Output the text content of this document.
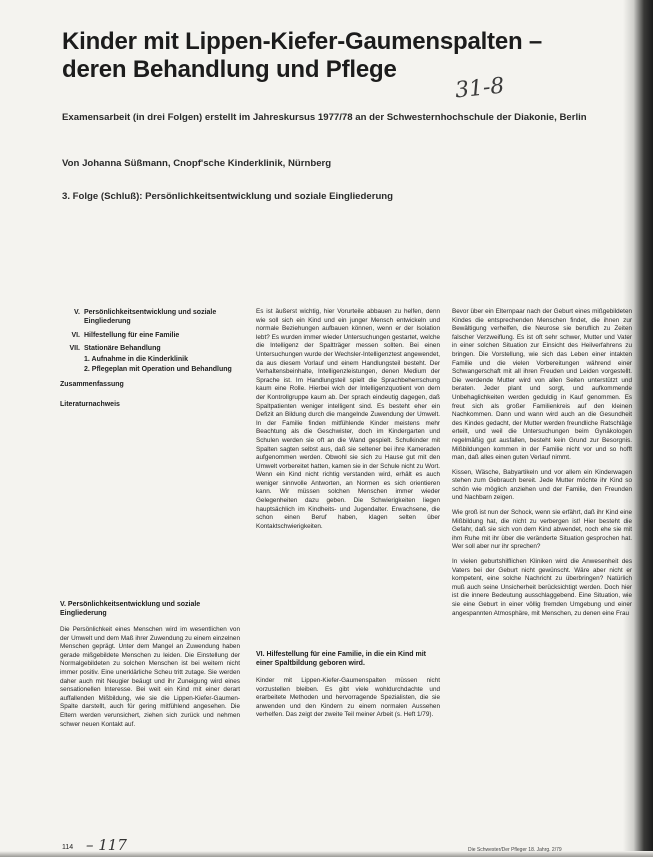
Kinder mit Lippen-Kiefer-Gaumenspalten –
deren Behandlung und Pflege
31-8
Examensarbeit (in drei Folgen) erstellt im Jahreskursus 1977/78 an der Schwesternhochschule der Diakonie, Berlin
Von Johanna Süßmann, Cnopf'sche Kinderklinik, Nürnberg
3. Folge (Schluß): Persönlichkeitsentwicklung und soziale Eingliederung
V. Persönlichkeitsentwicklung und soziale Eingliederung
VI. Hilfestellung für eine Familie
VII. Stationäre Behandlung
1. Aufnahme in die Kinderklinik
2. Pflegeplan mit Operation und Behandlung
Zusammenfassung
Literaturnachweis
V. Persönlichkeitsentwicklung und soziale Eingliederung

Die Persönlichkeit eines Menschen wird im wesentlichen von der Umwelt und dem Maß ihrer Zuwendung zu einem einzelnen Menschen geprägt. Unter dem Mangel an Zuwendung haben gerade mißgebildete Menschen zu leiden. Die Einstellung der Normalgebildeten zu solchen Menschen ist bei weitem nicht immer positiv. Eine unerklärliche Scheu tritt zutage. Sie werden daher auch mit Neugier beäugt und ihr Zuneigung wird eines sensationellen Interesse. Bei weit ein Kind mit einer derart auffallenden Mißbildung, wie sie die Lippen-Kiefer-Gaumen-Spalte darstellt, auch für gering mitfühlend angesehen. Die Eltern werden verunsichert, ziehen sich zurück und nehmen schwer neuen Kontakt auf.

Es ist äußerst wichtig, hier Vorurteile abbauen zu helfen, denn wie soll sich ein Kind und ein junger Mensch entwickeln und normale Beziehungen aufbauen können, wenn er der Isolation lebt? Es wurden immer wieder Untersuchungen gestartet, welche die Intelligenz der Spaltträger messen sollten. Bei einen Untersuchungen wurde der Wechsler-Intelligenztest angewendet, da aus diesem Vorlauf und einem Handlungsteil besteht. Der Verhaltensbeinhalte, Intelligenzleistungen, denen Medium der Sprache ist. Im Handlungsteil spielt die Sprachbeherrschung kaum eine Rolle. Hierbei wich der Intelligenzquotient von dem der Kontrollgruppe kaum ab. Der sprach eindeutig dagegen, daß Spaltpatienten weniger intelligent sind. Es besteht eher ein Defizit an Bildung durch die mangelnde Zuwendung der Umwelt. In der Familie finden mitfühlende Kinder meistens mehr Beachtung als die Geschwister, doch im Kindergarten und Schulen werden sie oft an die Wand gespielt. Schulkinder mit Spalten sagten selbst aus, daß sie seltener bei ihre Kameraden aufgenommen werden. Obwohl sie sich zu Hause gut mit den Umwelt vorbereitet hatten, kamen sie in der Schule nicht zu Wort. Wenn ein Kind nicht richtig verstanden wird, erhält es auch weniger sinnvolle Antworten, an Normen es sich orientieren kann. Wir müssen solchen Menschen immer wieder Gelegenheiten dazu geben. Die Schwierigkeiten liegen hauptsächlich im Kindheits- und Jugendalter. Erwachsene, die schon einen Beruf haben, klagen selten über Kontaktschwierigkeiten.

VI. Hilfestellung für eine Familie, in die ein Kind mit einer Spaltbildung geboren wird.

Kinder mit Lippen-Kiefer-Gaumenspalten müssen nicht vorzustellen bleiben. Es gibt viele wohldurchdachte und erarbeitete Methoden und hervorragende Spezialisten, die sie anwenden und den Kindern zu einem normalen Aussehen verhelfen. Das zeigt der zweite Teil meiner Arbeit (s. Heft 1/79).

Bevor über ein Elternpaar nach der Geburt eines mißgebildeten Kindes die entsprechenden Menschen findet, die ihnen zur Bewältigung verhelfen, die Neurose sie beruflich zu Zeiten falscher Verzweiflung. Es ist oft sehr schwer, Mutter und Vater in einer solchen Situation zur Einsicht des Heilverfahrens zu bringen. Die Vorstellung, wie sich das Leben einer intakten Familie und die vielen Vorbereitungen während einer Schwangerschaft mit all ihren Freuden und Leiden vorgestellt. Die werdende Mutter wird von allen Seiten unterstützt und beraten. Jeder plant und sorgt, und aufkommende Unbehaglichkeiten werden geduldig in Kauf genommen. Es freut sich als großer Familienkreis auf den kleinen Nachkommen. Dann und wann wird auch an die Gesundheit des Kindes gedacht, der Mutter werden freundliche Ratschläge erteilt, und weil die Untersuchungen beim Gynäkologen regelmäßig gut ausfallen, besteht kein Grund zur Besorgnis. Mißbildungen kommen in der Familie nicht vor und so hofft man, daß alles einen guten Verlauf nimmt.

Kissen, Wäsche, Babyartikeln und vor allem ein Kinderwagen stehen zum Gebrauch bereit. Jede Mutter möchte ihr Kind so schön wie möglich anziehen und der Familie, den Freunden und Nachbarn zeigen.

Wie groß ist nun der Schock, wenn sie erfährt, daß ihr Kind eine Mißbildung hat, die nicht zu verbergen ist! Hier besteht die Gefahr, daß sie sich von dem Kind abwendet, noch ehe sie mit ihm Ruhe mit ihr über die veränderte Situation gesprochen hat. Wer soll aber nur ihr sprechen?

In vielen geburtshilflichen Kliniken wird die Anwesenheit des Vaters bei der Geburt nicht gewünscht. Wäre aber nicht er kompetent, eine solche Nachricht zu überbringen? Natürlich muß auch seine Unsicherheit berücksichtigt werden. Doch hier ist die innere Bedeutung ausschlaggebend. Eine Situation, wie sie eine Geburt in einer völlig fremden Umgebung und einer angespannten Atmosphäre, mit Menschen, zu denen eine Frau

114 – 117	Die Schwester/Der Pfleger 18. Jahrg. 2/79
